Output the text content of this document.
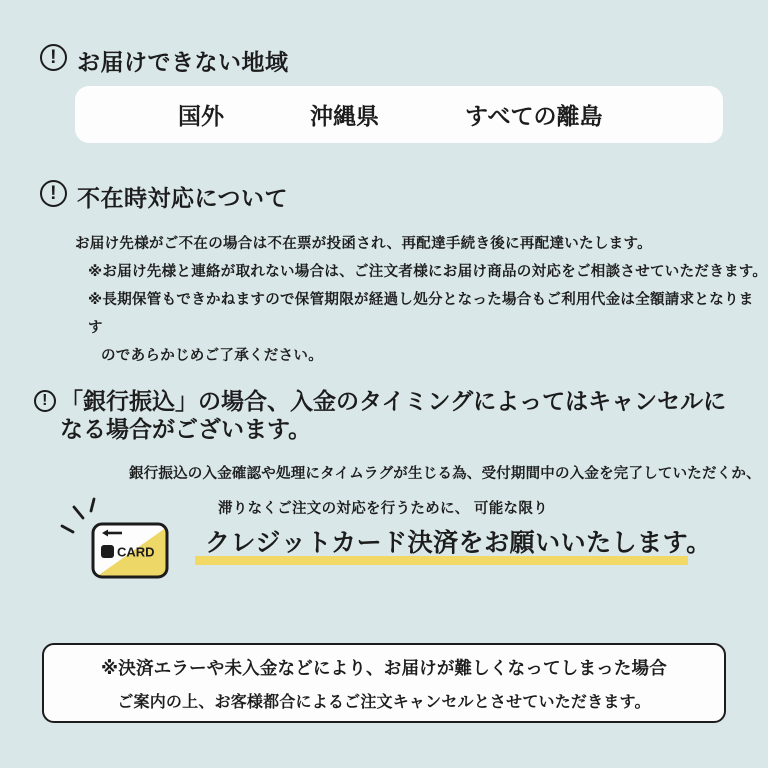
! お届けできない地域
国外	沖縄県	すべての離島
! 不在時対応について
お届け先様がご不在の場合は不在票が投函され、再配達手続き後に再配達いたします。
※お届け先様と連絡が取れない場合は、ご注文者様にお届け商品の対応をご相談させていただきます。
※長期保管もできかねますので保管期限が経過し処分となった場合もご利用代金は全額請求となります
のであらかじめご了承ください。
! 「銀行振込」の場合、入金のタイミングによってはキャンセルに
なる場合がございます。
銀行振込の入金確認や処理にタイムラグが生じる為、受付期間中の入金を完了していただくか、
滞りなくご注文の対応を行うために、 可能な限り
クレジットカード決済をお願いいたします。
CARD
※決済エラーや未入金などにより、お届けが難しくなってしまった場合
ご案内の上、お客様都合によるご注文キャンセルとさせていただきます。
